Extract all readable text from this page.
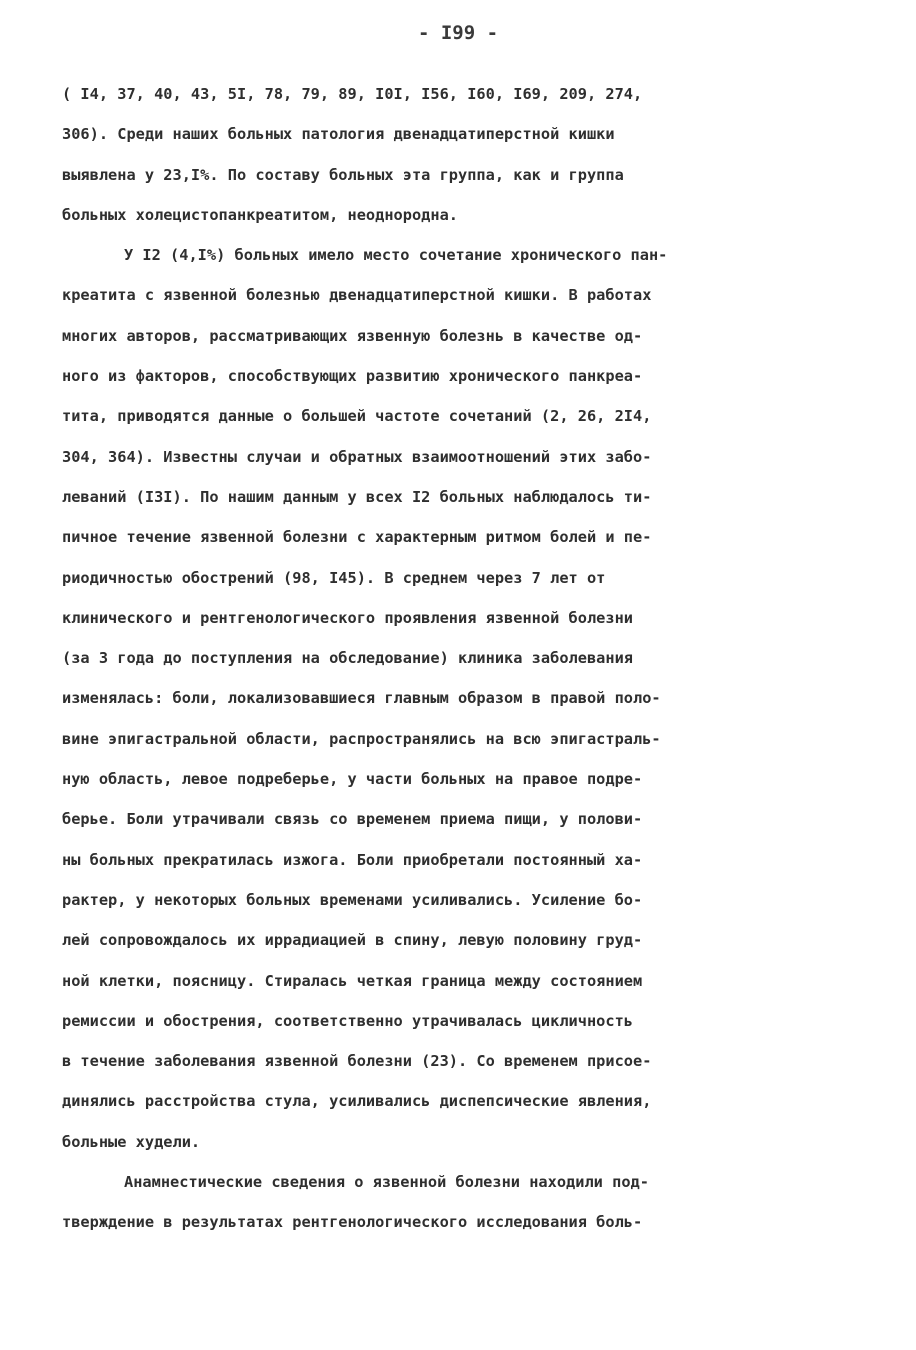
- I99 -
( I4, 37, 40, 43, 5I, 78, 79, 89, I0I, I56, I60, I69, 209, 274,
306). Среди наших больных патология двенадцатиперстной кишки
выявлена у 23,I%. По составу больных эта группа, как и группа
больных холецистопанкреатитом, неоднородна.
У I2 (4,I%) больных имело место сочетание хронического пан-
креатита с язвенной болезнью двенадцатиперстной кишки. В работах
многих авторов, рассматривающих язвенную болезнь в качестве од-
ного из факторов, способствующих развитию хронического панкреа-
тита, приводятся данные о большей частоте сочетаний (2, 26, 2I4,
304, 364). Известны случаи и обратных взаимоотношений этих забо-
леваний (I3I). По нашим данным у всех I2 больных наблюдалось ти-
пичное течение язвенной болезни с характерным ритмом болей и пе-
риодичностью обострений (98, I45). В среднем через 7 лет от
клинического и рентгенологического проявления язвенной болезни
(за 3 года до поступления на обследование) клиника заболевания
изменялась: боли, локализовавшиеся главным образом в правой поло-
вине эпигастральной области, распространялись на всю эпигастраль-
ную область, левое подреберье, у части больных на правое подре-
берье. Боли утрачивали связь со временем приема пищи, у полови-
ны больных прекратилась изжога. Боли приобретали постоянный ха-
рактер, у некоторых больных временами усиливались. Усиление бо-
лей сопровождалось их иррадиацией в спину, левую половину груд-
ной клетки, поясницу. Стиралась четкая граница между состоянием
ремиссии и обострения, соответственно утрачивалась цикличность
в течение заболевания язвенной болезни (23). Со временем присое-
динялись расстройства стула, усиливались диспепсические явления,
больные худели.
Анамнестические сведения о язвенной болезни находили под-
тверждение в результатах рентгенологического исследования боль-
